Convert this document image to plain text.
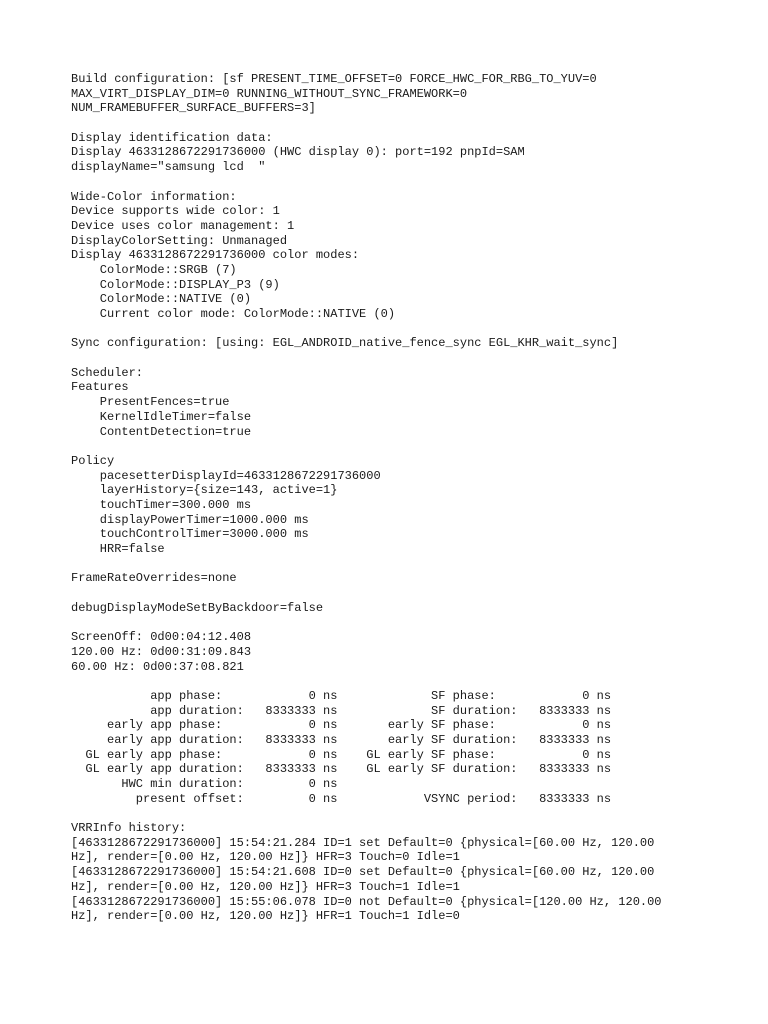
Build configuration: [sf PRESENT_TIME_OFFSET=0 FORCE_HWC_FOR_RBG_TO_YUV=0
MAX_VIRT_DISPLAY_DIM=0 RUNNING_WITHOUT_SYNC_FRAMEWORK=0
NUM_FRAMEBUFFER_SURFACE_BUFFERS=3]
Display identification data:
Display 4633128672291736000 (HWC display 0): port=192 pnpId=SAM
displayName="samsung lcd  "
Wide-Color information:
Device supports wide color: 1
Device uses color management: 1
DisplayColorSetting: Unmanaged
Display 4633128672291736000 color modes:
ColorMode::SRGB (7)
ColorMode::DISPLAY_P3 (9)
ColorMode::NATIVE (0)
Current color mode: ColorMode::NATIVE (0)
Sync configuration: [using: EGL_ANDROID_native_fence_sync EGL_KHR_wait_sync]
Scheduler:
Features
PresentFences=true
KernelIdleTimer=false
ContentDetection=true
Policy
pacesetterDisplayId=4633128672291736000
layerHistory={size=143, active=1}
touchTimer=300.000 ms
displayPowerTimer=1000.000 ms
touchControlTimer=3000.000 ms
HRR=false
FrameRateOverrides=none
debugDisplayModeSetByBackdoor=false
ScreenOff: 0d00:04:12.408
120.00 Hz: 0d00:31:09.843
60.00 Hz: 0d00:37:08.821
app phase:            0 ns             SF phase:            0 ns
app duration:   8333333 ns             SF duration:   8333333 ns
early app phase:            0 ns       early SF phase:            0 ns
early app duration:   8333333 ns       early SF duration:   8333333 ns
GL early app phase:            0 ns    GL early SF phase:            0 ns
GL early app duration:   8333333 ns    GL early SF duration:   8333333 ns
HWC min duration:         0 ns
present offset:         0 ns            VSYNC period:   8333333 ns
VRRInfo history:
[4633128672291736000] 15:54:21.284 ID=1 set Default=0 {physical=[60.00 Hz, 120.00
Hz], render=[0.00 Hz, 120.00 Hz]} HFR=3 Touch=0 Idle=1
[4633128672291736000] 15:54:21.608 ID=0 set Default=0 {physical=[60.00 Hz, 120.00
Hz], render=[0.00 Hz, 120.00 Hz]} HFR=3 Touch=1 Idle=1
[4633128672291736000] 15:55:06.078 ID=0 not Default=0 {physical=[120.00 Hz, 120.00
Hz], render=[0.00 Hz, 120.00 Hz]} HFR=1 Touch=1 Idle=0
